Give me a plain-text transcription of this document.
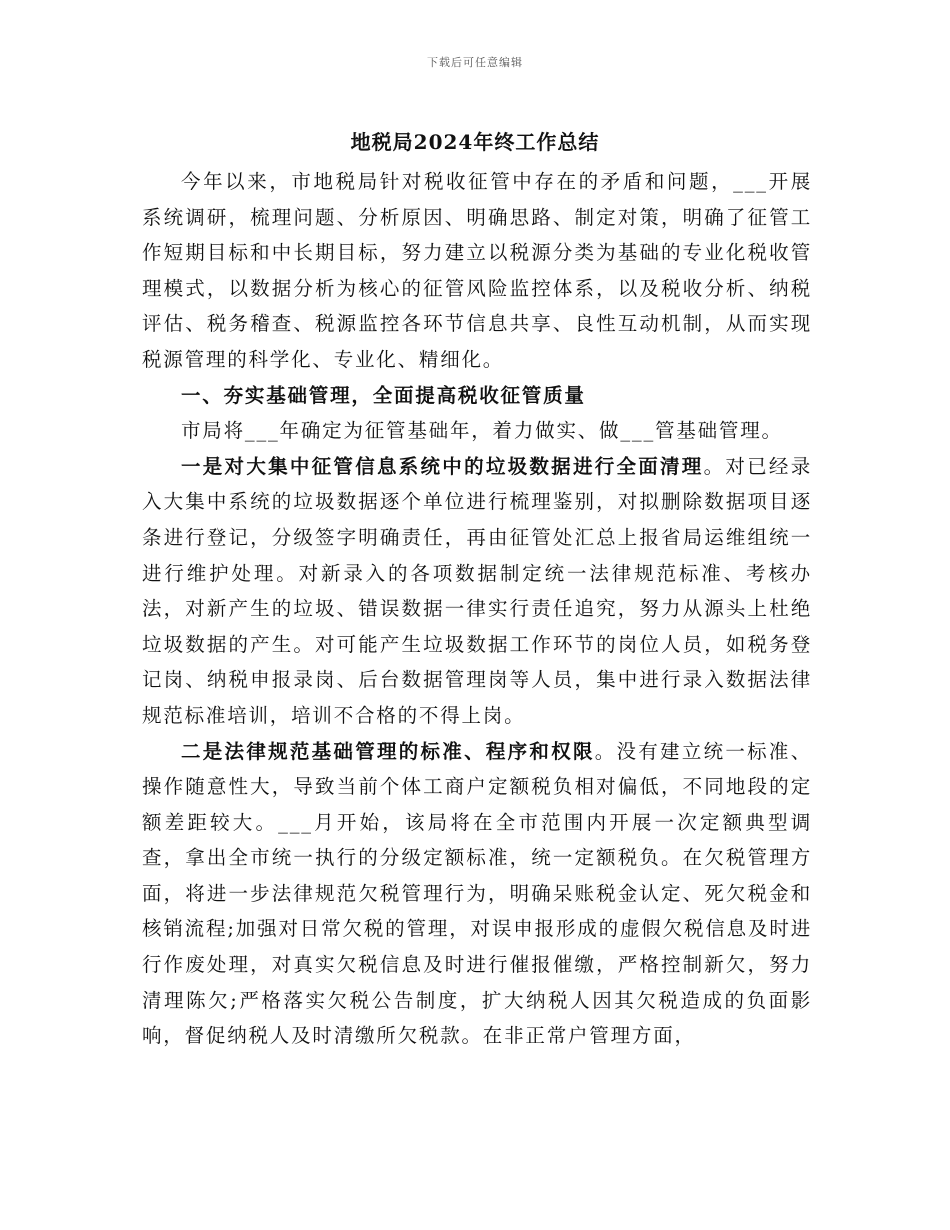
下载后可任意编辑
地税局2024年终工作总结

今年以来，市地税局针对税收征管中存在的矛盾和问题，___开展系统调研，梳理问题、分析原因、明确思路、制定对策，明确了征管工作短期目标和中长期目标，努力建立以税源分类为基础的专业化税收管理模式，以数据分析为核心的征管风险监控体系，以及税收分析、纳税评估、税务稽查、税源监控各环节信息共享、良性互动机制，从而实现税源管理的科学化、专业化、精细化。

一、夯实基础管理，全面提高税收征管质量

市局将___年确定为征管基础年，着力做实、做___管基础管理。

一是对大集中征管信息系统中的垃圾数据进行全面清理。对已经录入大集中系统的垃圾数据逐个单位进行梳理鉴别，对拟删除数据项目逐条进行登记，分级签字明确责任，再由征管处汇总上报省局运维组统一进行维护处理。对新录入的各项数据制定统一法律规范标准、考核办法，对新产生的垃圾、错误数据一律实行责任追究，努力从源头上杜绝垃圾数据的产生。对可能产生垃圾数据工作环节的岗位人员，如税务登记岗、纳税申报录岗、后台数据管理岗等人员，集中进行录入数据法律规范标准培训，培训不合格的不得上岗。

二是法律规范基础管理的标准、程序和权限。没有建立统一标准、操作随意性大，导致当前个体工商户定额税负相对偏低，不同地段的定额差距较大。___月开始，该局将在全市范围内开展一次定额典型调查，拿出全市统一执行的分级定额标准，统一定额税负。在欠税管理方面，将进一步法律规范欠税管理行为，明确呆账税金认定、死欠税金和核销流程;加强对日常欠税的管理，对误申报形成的虚假欠税信息及时进行作废处理，对真实欠税信息及时进行催报催缴，严格控制新欠，努力清理陈欠;严格落实欠税公告制度，扩大纳税人因其欠税造成的负面影响，督促纳税人及时清缴所欠税款。在非正常户管理方面，
